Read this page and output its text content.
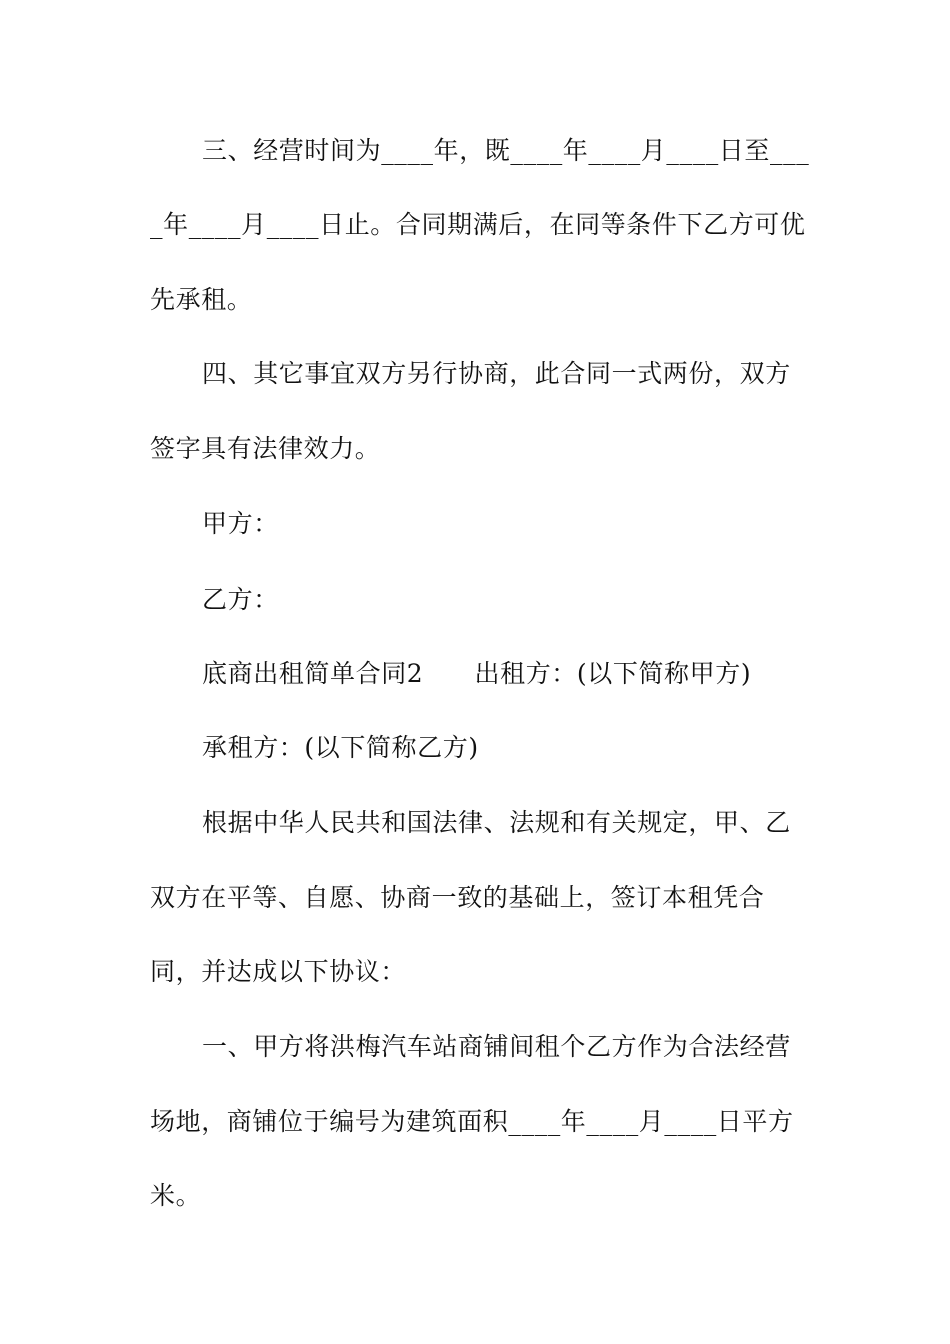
三、经营时间为____年，既____年____月____日至___
_年____月____日止。合同期满后，在同等条件下乙方可优
先承租。
四、其它事宜双方另行协商，此合同一式两份，双方
签字具有法律效力。
甲方：
乙方：
底商出租简单合同2　　出租方：(以下简称甲方)
承租方：(以下简称乙方)
根据中华人民共和国法律、法规和有关规定，甲、乙
双方在平等、自愿、协商一致的基础上，签订本租凭合
同，并达成以下协议：
一、甲方将洪梅汽车站商铺间租个乙方作为合法经营
场地，商铺位于编号为建筑面积____年____月____日平方
米。
